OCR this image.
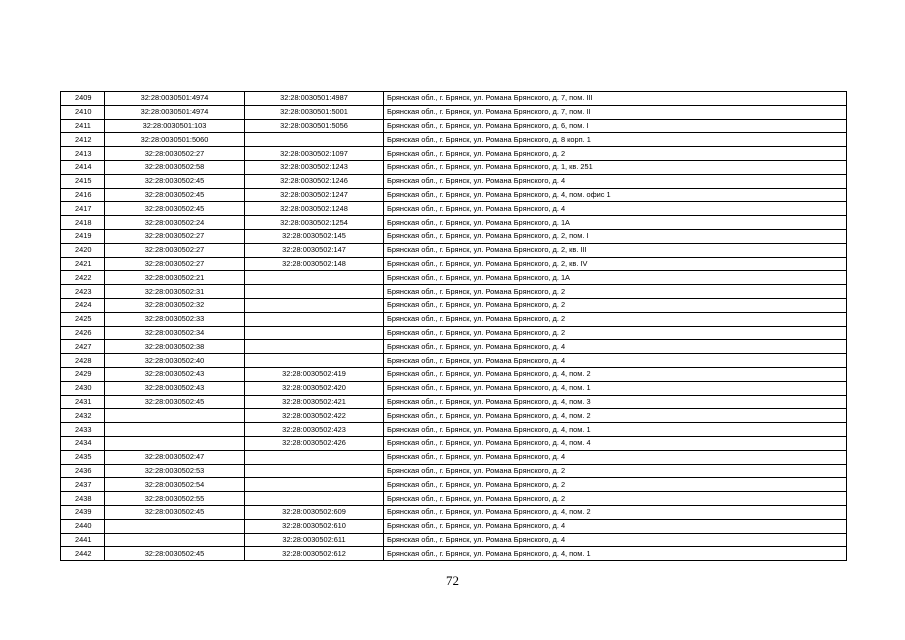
2409	32:28:0030501:4974	32:28:0030501:4987	Брянская обл., г. Брянск, ул. Романа Брянского, д. 7, пом. III
2410	32:28:0030501:4974	32:28:0030501:5001	Брянская обл., г. Брянск, ул. Романа Брянского, д. 7, пом. II
2411	32:28:0030501:103	32:28:0030501:5056	Брянская обл., г. Брянск, ул. Романа Брянского, д. 6, пом. I
2412	32:28:0030501:5060		Брянская обл., г. Брянск, ул. Романа Брянского, д. 8 корп. 1
2413	32:28:0030502:27	32:28:0030502:1097	Брянская обл., г. Брянск, ул. Романа Брянского, д. 2
2414	32:28:0030502:58	32:28:0030502:1243	Брянская обл., г. Брянск, ул. Романа Брянского, д. 1, кв. 251
2415	32:28:0030502:45	32:28:0030502:1246	Брянская обл., г. Брянск, ул. Романа Брянского, д. 4
2416	32:28:0030502:45	32:28:0030502:1247	Брянская обл., г. Брянск, ул. Романа Брянского, д. 4, пом. офис 1
2417	32:28:0030502:45	32:28:0030502:1248	Брянская обл., г. Брянск, ул. Романа Брянского, д. 4
2418	32:28:0030502:24	32:28:0030502:1254	Брянская обл., г. Брянск, ул. Романа Брянского, д. 1А
2419	32:28:0030502:27	32:28:0030502:145	Брянская обл., г. Брянск, ул. Романа Брянского, д. 2, пом. I
2420	32:28:0030502:27	32:28:0030502:147	Брянская обл., г. Брянск, ул. Романа Брянского, д. 2, кв. III
2421	32:28:0030502:27	32:28:0030502:148	Брянская обл., г. Брянск, ул. Романа Брянского, д. 2, кв. IV
2422	32:28:0030502:21		Брянская обл., г. Брянск, ул. Романа Брянского, д. 1А
2423	32:28:0030502:31		Брянская обл., г. Брянск, ул. Романа Брянского, д. 2
2424	32:28:0030502:32		Брянская обл., г. Брянск, ул. Романа Брянского, д. 2
2425	32:28:0030502:33		Брянская обл., г. Брянск, ул. Романа Брянского, д. 2
2426	32:28:0030502:34		Брянская обл., г. Брянск, ул. Романа Брянского, д. 2
2427	32:28:0030502:38		Брянская обл., г. Брянск, ул. Романа Брянского, д. 4
2428	32:28:0030502:40		Брянская обл., г. Брянск, ул. Романа Брянского, д. 4
2429	32:28:0030502:43	32:28:0030502:419	Брянская обл., г. Брянск, ул. Романа Брянского, д. 4, пом. 2
2430	32:28:0030502:43	32:28:0030502:420	Брянская обл., г. Брянск, ул. Романа Брянского, д. 4, пом. 1
2431	32:28:0030502:45	32:28:0030502:421	Брянская обл., г. Брянск, ул. Романа Брянского, д. 4, пом. 3
2432		32:28:0030502:422	Брянская обл., г. Брянск, ул. Романа Брянского, д. 4, пом. 2
2433		32:28:0030502:423	Брянская обл., г. Брянск, ул. Романа Брянского, д. 4, пом. 1
2434		32:28:0030502:426	Брянская обл., г. Брянск, ул. Романа Брянского, д. 4, пом. 4
2435	32:28:0030502:47		Брянская обл., г. Брянск, ул. Романа Брянского, д. 4
2436	32:28:0030502:53		Брянская обл., г. Брянск, ул. Романа Брянского, д. 2
2437	32:28:0030502:54		Брянская обл., г. Брянск, ул. Романа Брянского, д. 2
2438	32:28:0030502:55		Брянская обл., г. Брянск, ул. Романа Брянского, д. 2
2439	32:28:0030502:45	32:28:0030502:609	Брянская обл., г. Брянск, ул. Романа Брянского, д. 4, пом. 2
2440		32:28:0030502:610	Брянская обл., г. Брянск, ул. Романа Брянского, д. 4
2441		32:28:0030502:611	Брянская обл., г. Брянск, ул. Романа Брянского, д. 4
2442	32:28:0030502:45	32:28:0030502:612	Брянская обл., г. Брянск, ул. Романа Брянского, д. 4, пом. 1
72
